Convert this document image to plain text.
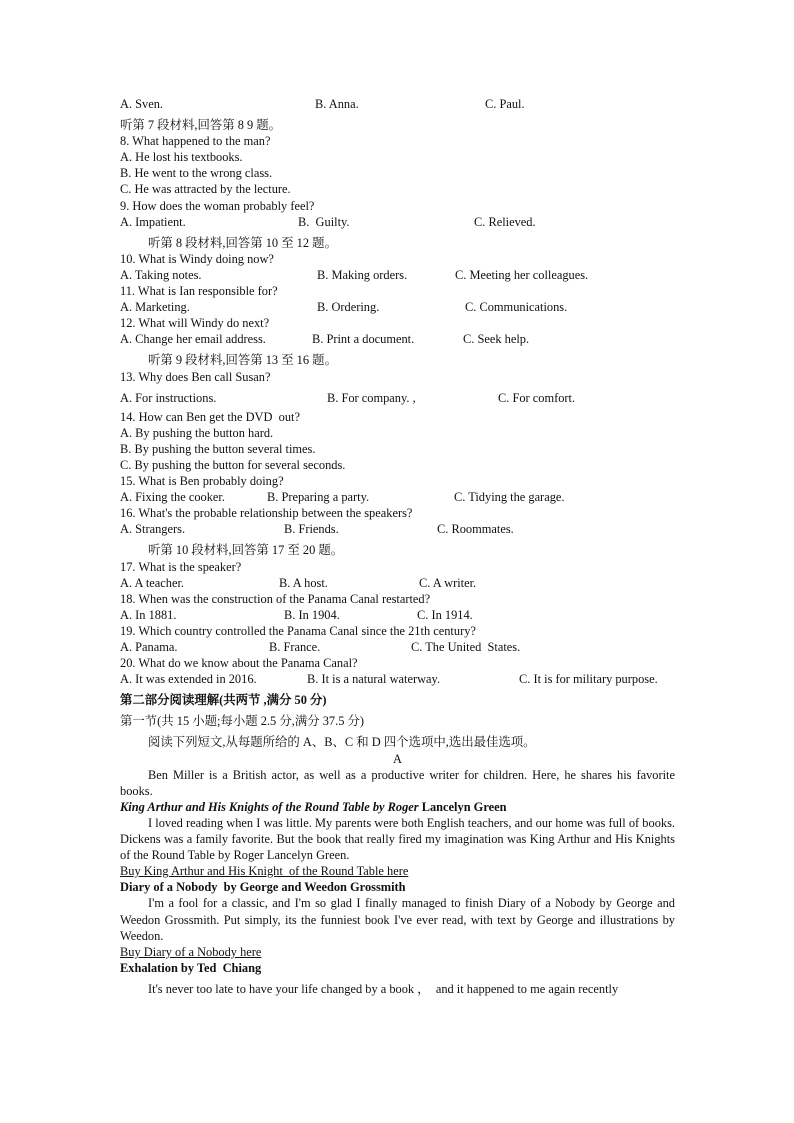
A. Sven.	B. Anna.	C. Paul.
听第 7 段材料,回答第 8 9 题。
8. What happened to the man?
A. He lost his textbooks.
B. He went to the wrong class.
C. He was attracted by the lecture.
9. How does the woman probably feel?
A. Impatient.	B.  Guilty.	C. Relieved.
听第 8 段材料,回答第 10 至 12 题。
10. What is Windy doing now?
A. Taking notes.	B. Making orders.	C. Meeting her colleagues.
11. What is Ian responsible for?
A. Marketing.	B. Ordering.	C. Communications.
12. What will Windy do next?
A. Change her email address.	B. Print a document.	C. Seek help.
听第 9 段材料,回答第 13 至 16 题。
13. Why does Ben call Susan?
A. For instructions.	B. For company. ,	C. For comfort.
14. How can Ben get the DVD  out?
A. By pushing the button hard.
B. By pushing the button several times.
C. By pushing the button for several seconds.
15. What is Ben probably doing?
A. Fixing the cooker.	B. Preparing a party.	C. Tidying the garage.
16. What's the probable relationship between the speakers?
A. Strangers.	B. Friends.	C. Roommates.
听第 10 段材料,回答第 17 至 20 题。
17. What is the speaker?
A. A teacher.	B. A host.	C. A writer.
18. When was the construction of the Panama Canal restarted?
A. In 1881.	B. In 1904.	C. In 1914.
19. Which country controlled the Panama Canal since the 21th century?
A. Panama.	B. France.	C. The United  States.
20. What do we know about the Panama Canal?
A. It was extended in 2016.	B. It is a natural waterway.	C. It is for military purpose.
第二部分阅读理解(共两节 ,满分 50 分)
第一节(共 15 小题;每小题 2.5 分,满分 37.5 分)
阅读下列短文,从每题所给的 A、B、C 和 D 四个选项中,选出最佳选项。
A
Ben Miller is a British actor, as well as a productive writer for children. Here, he shares his favorite books.
King Arthur and His Knights of the Round Table by Roger Lancelyn Green
I loved reading when I was little. My parents were both English teachers, and our home was full of books. Dickens was a family favorite. But the book that really fired my imagination was King Arthur and His Knights of the Round Table by Roger Lancelyn Green.
Buy King Arthur and His Knight  of the Round Table here
Diary of a Nobody  by George and Weedon Grossmith
I'm a fool for a classic, and I'm so glad I finally managed to finish Diary of a Nobody by George and Weedon Grossmith. Put simply, its the funniest book I've ever read, with text by George and illustrations by Weedon.
Buy Diary of a Nobody here
Exhalation by Ted  Chiang
It's never too late to have your life changed by a book ，  and it happened to me again recently
